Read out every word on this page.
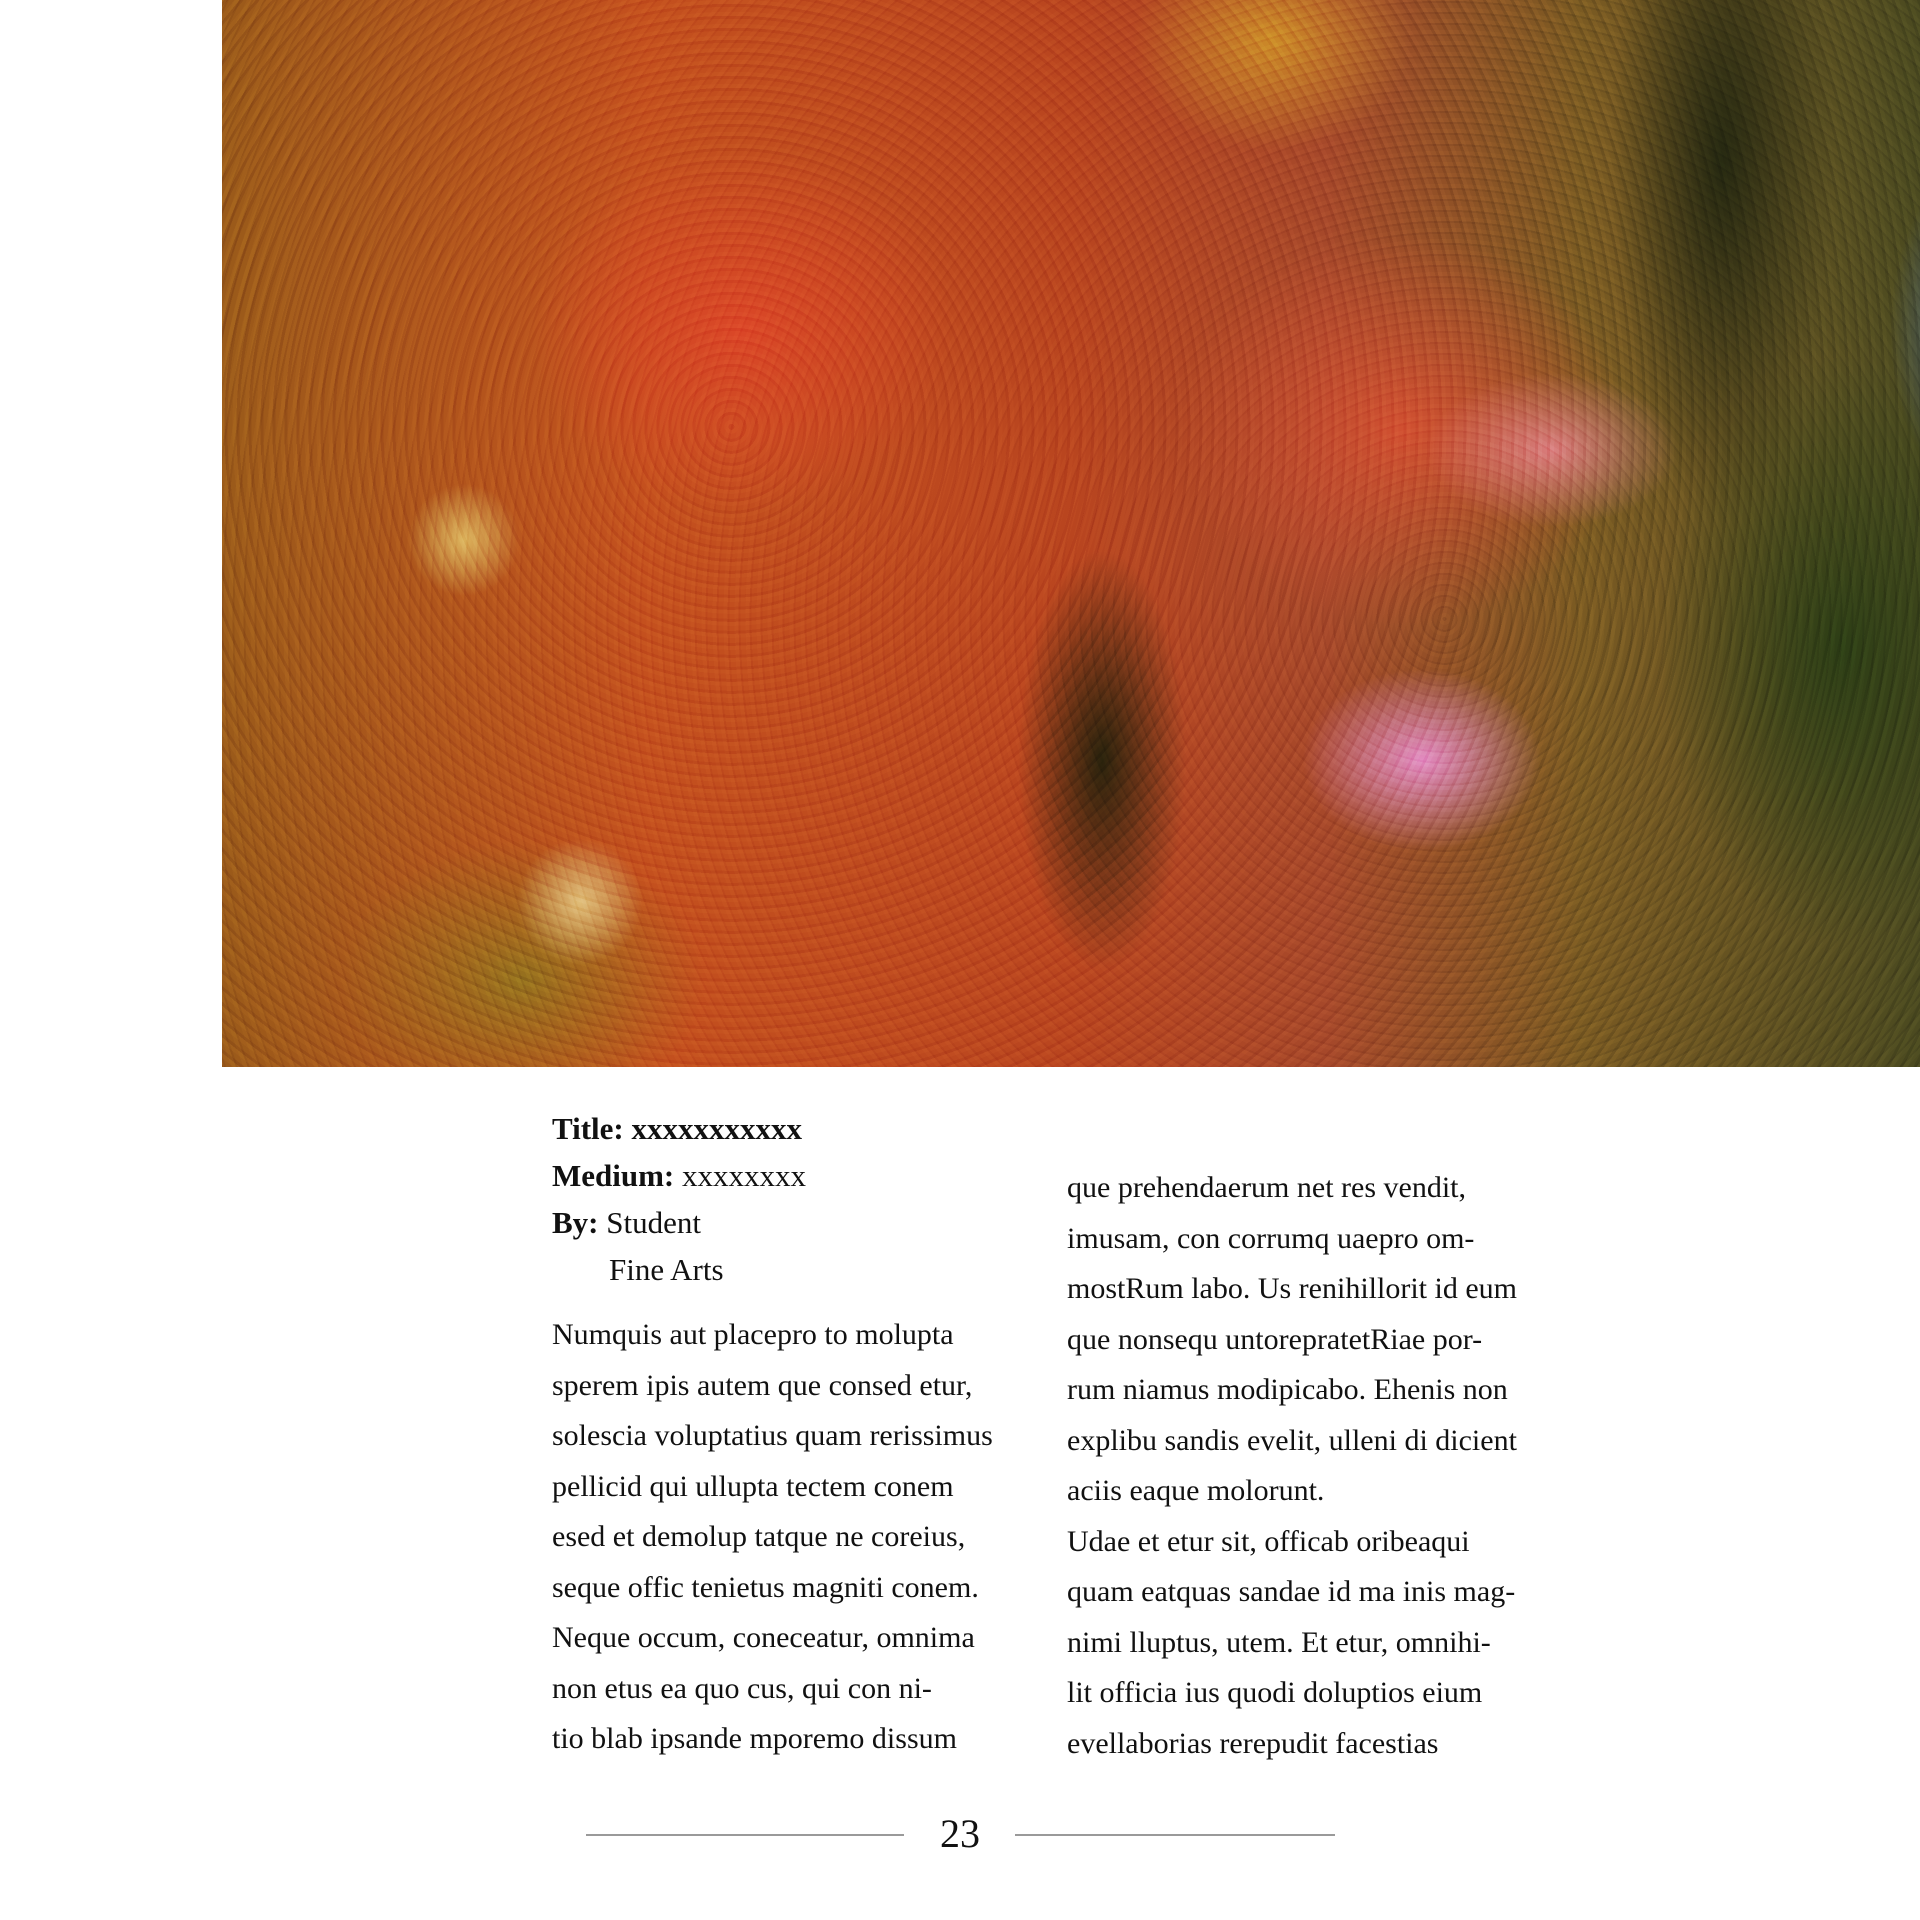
Title: xxxxxxxxxxx
Medium: xxxxxxxx
By: Student
Fine Arts
Numquis aut placepro to molupta
sperem ipis autem que consed etur,
solescia voluptatius quam rerissimus
pellicid qui ullupta tectem conem
esed et demolup tatque ne coreius,
seque offic tenietus magniti conem.
Neque occum, coneceatur, omnima
non etus ea quo cus, qui con ni-
tio blab ipsande mporemo dissum
que prehendaerum net res vendit,
imusam, con corrumq uaepro om-
mostRum labo. Us renihillorit id eum
que nonsequ untorepratetRiae por-
rum niamus modipicabo. Ehenis non
explibu sandis evelit, ulleni di dicient
aciis eaque molorunt.
Udae et etur sit, officab oribeaqui
quam eatquas sandae id ma inis mag-
nimi lluptus, utem. Et etur, omnihi-
lit officia ius quodi doluptios eium
evellaborias rerepudit facestias
23
